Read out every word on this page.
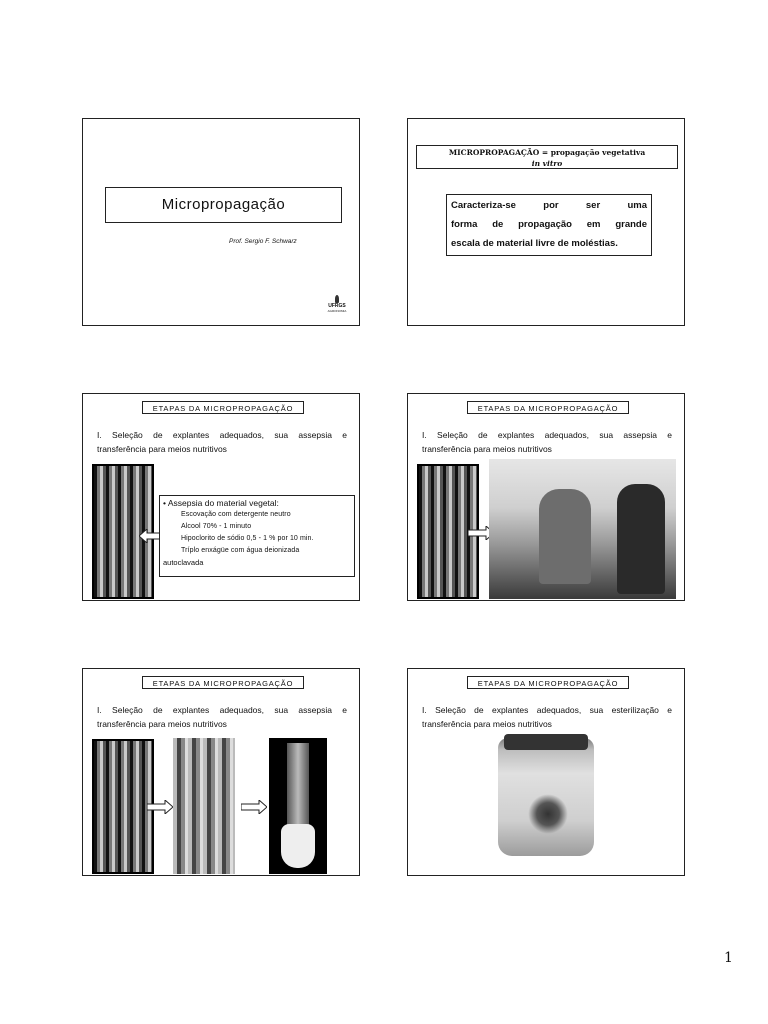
Micropropagação
Prof. Sergio F. Schwarz
UFRGS
AGRONOMIA
MICROPROPAGAÇÃO = propagação vegetativa
in vitro
Caracteriza-se por ser uma
forma de propagação em grande
escala de material livre de moléstias.
ETAPAS DA MICROPROPAGAÇÃO
I. Seleção de explantes adequados, sua assepsia e
transferência para meios nutritivos
• Assepsia do material vegetal:
Escovação com detergente neutro
Alcool 70% - 1 minuto
Hipoclorito de sódio 0,5 - 1 % por 10 min.
Tríplo enxágüe com água deionizada
autoclavada
ETAPAS DA MICROPROPAGAÇÃO
I. Seleção de explantes adequados, sua assepsia e
transferência para meios nutritivos
ETAPAS DA MICROPROPAGAÇÃO
I. Seleção de explantes adequados, sua assepsia e
transferência para meios nutritivos
ETAPAS DA MICROPROPAGAÇÃO
I. Seleção de explantes adequados, sua esterilização e
transferência para meios nutritivos
1
